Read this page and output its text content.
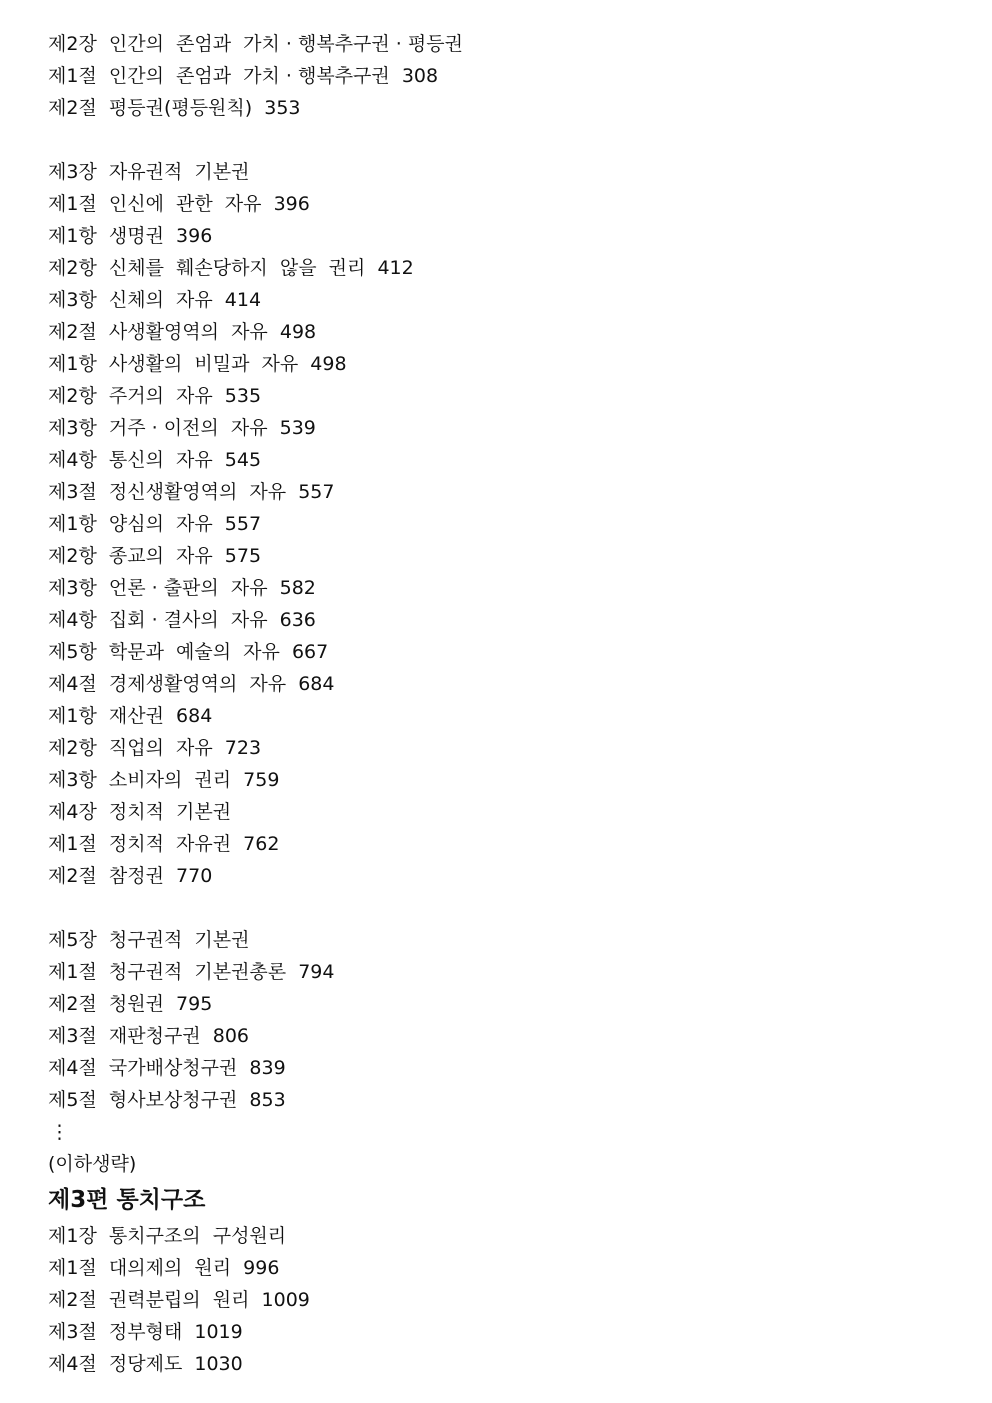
제2장  인간의  존엄과  가치 · 행복추구권 · 평등권
제1절  인간의  존엄과  가치 · 행복추구권  308
제2절  평등권(평등원칙)  353
제3장  자유권적  기본권
제1절  인신에  관한  자유  396
제1항  생명권  396
제2항  신체를  훼손당하지  않을  권리  412
제3항  신체의  자유  414
제2절  사생활영역의  자유  498
제1항  사생활의  비밀과  자유  498
제2항  주거의  자유  535
제3항  거주 · 이전의  자유  539
제4항  통신의  자유  545
제3절  정신생활영역의  자유  557
제1항  양심의  자유  557
제2항  종교의  자유  575
제3항  언론 · 출판의  자유  582
제4항  집회 · 결사의  자유  636
제5항  학문과  예술의  자유  667
제4절  경제생활영역의  자유  684
제1항  재산권  684
제2항  직업의  자유  723
제3항  소비자의  권리  759
제4장  정치적  기본권
제1절  정치적  자유권  762
제2절  참정권  770
제5장  청구권적  기본권
제1절  청구권적  기본권총론  794
제2절  청원권  795
제3절  재판청구권  806
제4절  국가배상청구권  839
제5절  형사보상청구권  853
⋮
(이하생략)
제3편 통치구조
제1장  통치구조의  구성원리
제1절  대의제의  원리  996
제2절  권력분립의  원리  1009
제3절  정부형태  1019
제4절  정당제도  1030
